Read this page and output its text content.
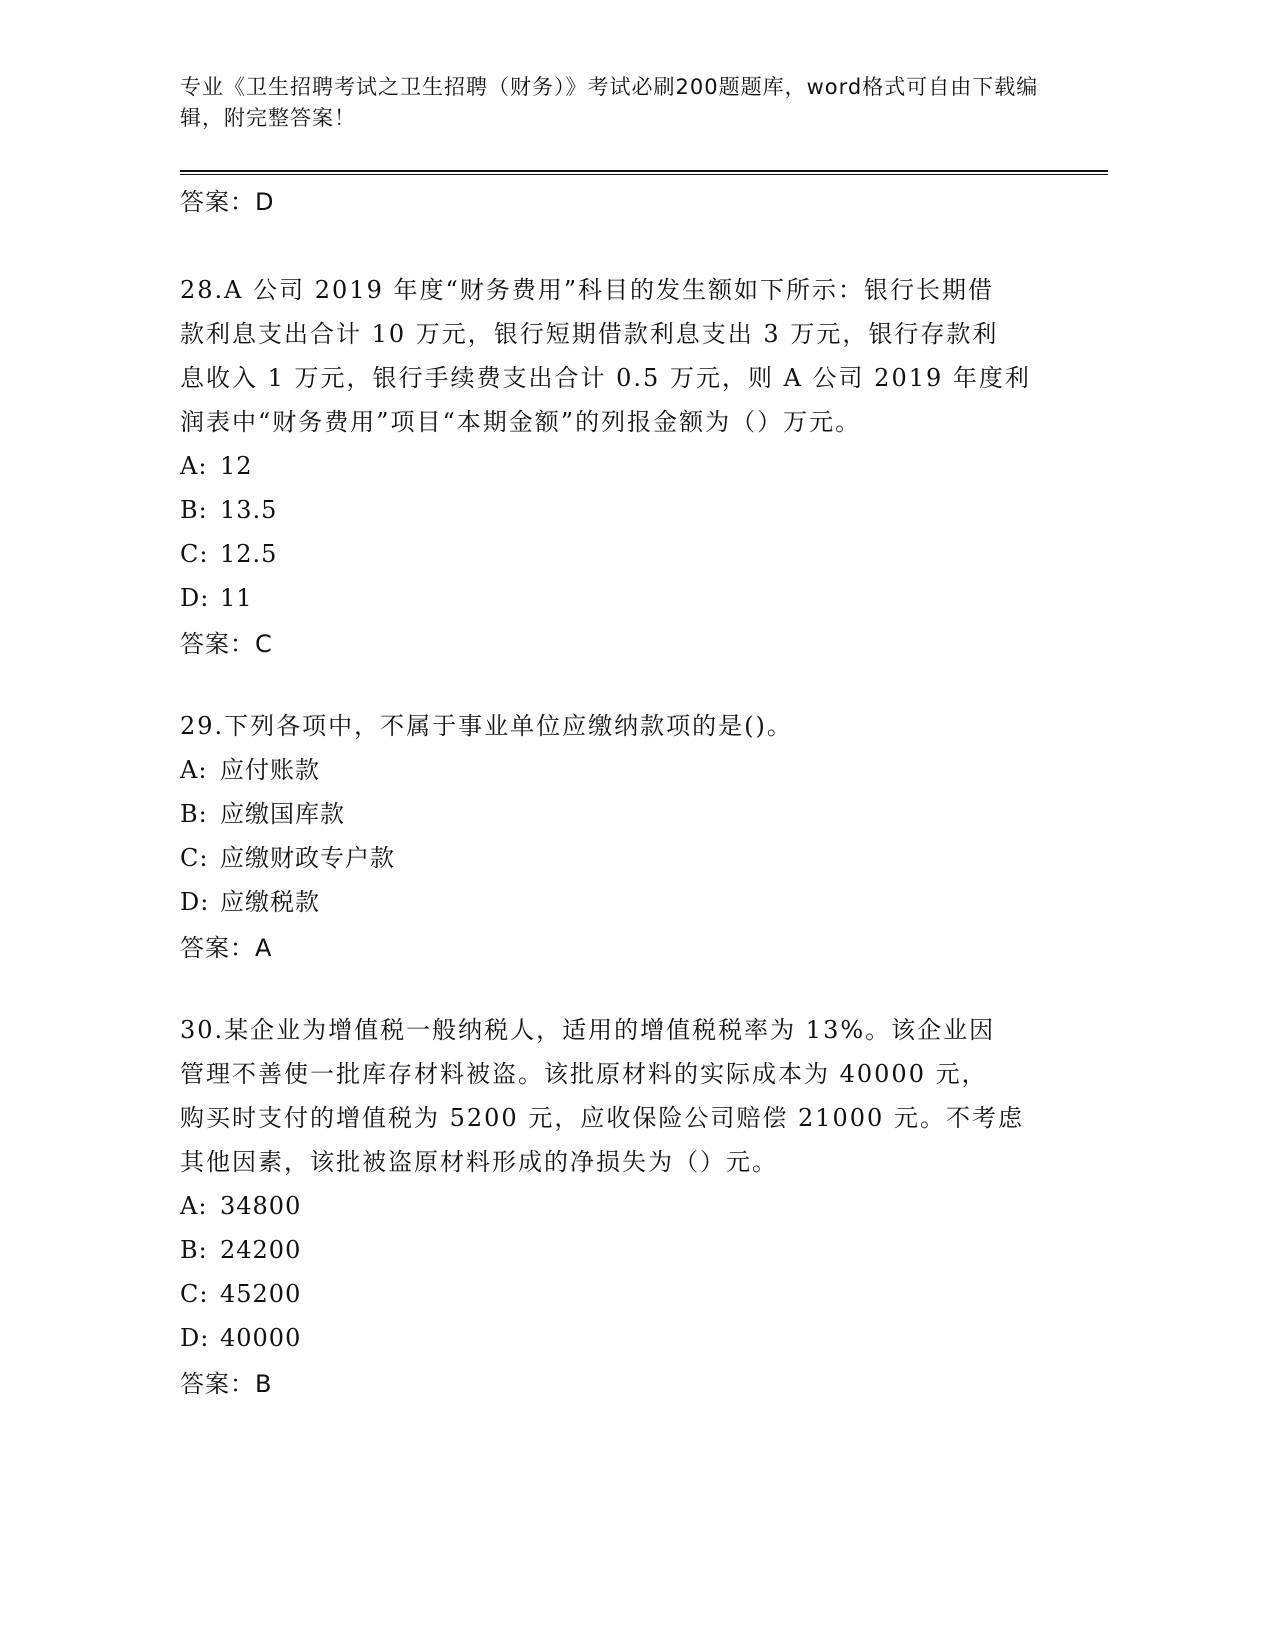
专业《卫生招聘考试之卫生招聘（财务）》考试必刷200题题库，word格式可自由下载编辑，附完整答案！
答案：D
28.A 公司 2019 年度“财务费用”科目的发生额如下所示：银行长期借
款利息支出合计 10 万元，银行短期借款利息支出 3 万元，银行存款利
息收入 1 万元，银行手续费支出合计 0.5 万元，则 A 公司 2019 年度利
润表中“财务费用”项目“本期金额”的列报金额为（）万元。
A: 12
B: 13.5
C: 12.5
D: 11
答案：C
29.下列各项中，不属于事业单位应缴纳款项的是()。
A: 应付账款
B: 应缴国库款
C: 应缴财政专户款
D: 应缴税款
答案：A
30.某企业为增值税一般纳税人，适用的增值税税率为 13%。该企业因
管理不善使一批库存材料被盗。该批原材料的实际成本为 40000 元，
购买时支付的增值税为 5200 元，应收保险公司赔偿 21000 元。不考虑
其他因素，该批被盗原材料形成的净损失为（）元。
A: 34800
B: 24200
C: 45200
D: 40000
答案：B
